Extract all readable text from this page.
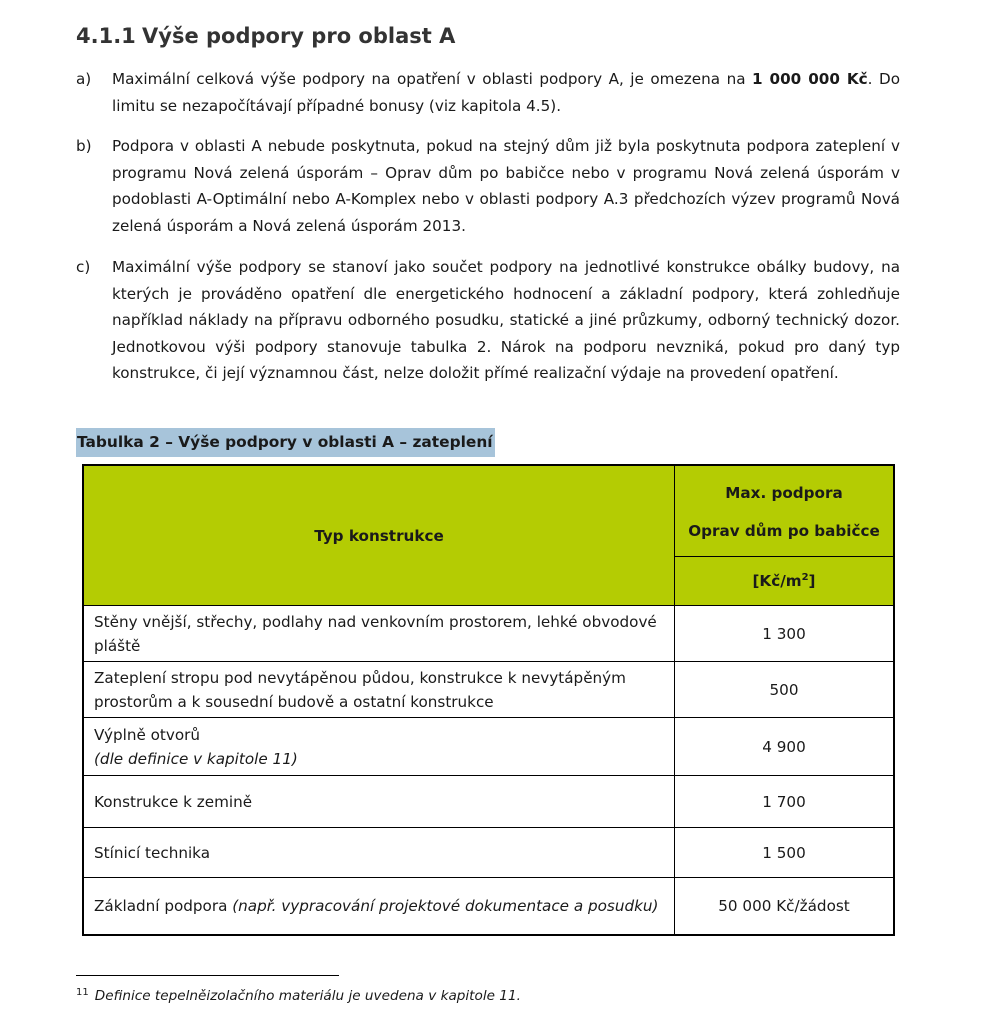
4.1.1 Výše podpory pro oblast A
a) Maximální celková výše podpory na opatření v oblasti podpory A, je omezena na 1 000 000 Kč. Do limitu se nezapočítávají případné bonusy (viz kapitola 4.5).
b) Podpora v oblasti A nebude poskytnuta, pokud na stejný dům již byla poskytnuta podpora zateplení v programu Nová zelená úsporám – Oprav dům po babičce nebo v programu Nová zelená úsporám v podoblasti A-Optimální nebo A-Komplex nebo v oblasti podpory A.3 předchozích výzev programů Nová zelená úsporám a Nová zelená úsporám 2013.
c) Maximální výše podpory se stanoví jako součet podpory na jednotlivé konstrukce obálky budovy, na kterých je prováděno opatření dle energetického hodnocení a základní podpory, která zohledňuje například náklady na přípravu odborného posudku, statické a jiné průzkumy, odborný technický dozor. Jednotkovou výši podpory stanovuje tabulka 2. Nárok na podporu nevzniká, pokud pro daný typ konstrukce, či její významnou část, nelze doložit přímé realizační výdaje na provedení opatření.
Tabulka 2 – Výše podpory v oblasti A – zateplení
Typ konstrukce	Max. podpora
Oprav dům po babičce

	$[Kč/m^2]$
Stěny vnější, střechy, podlahy nad venkovním prostorem, lehké obvodové pláště	1 300
Zateplení stropu pod nevytápěnou půdou, konstrukce k nevytápěným prostorům a k sousední budově a ostatní konstrukce	500
Výplně otvorů
(dle definice v kapitole 11)	4 900
Konstrukce k zemině	1 700
Stínicí technika	1 500
Základní podpora (např. vypracování projektové dokumentace a posudku)	50 000 Kč/žádost
$^{11}$ Definice tepelněizolačního materiálu je uvedena v kapitole 11.
